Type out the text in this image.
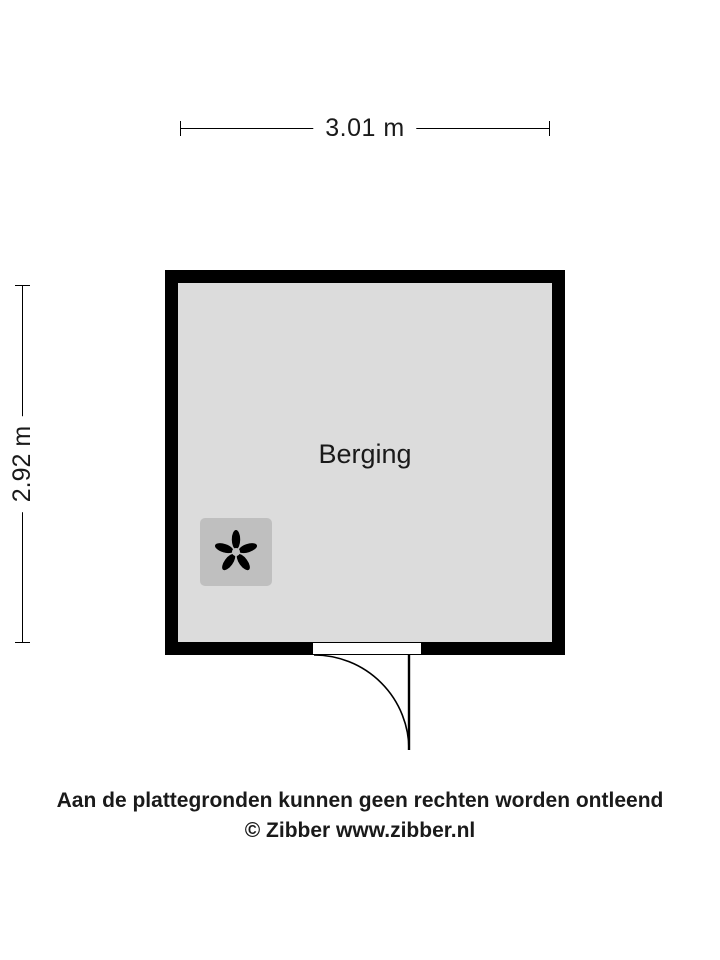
3.01 m
2.92 m	Berging
Aan de plattegronden kunnen geen rechten worden ontleend
© Zibber www.zibber.nl
